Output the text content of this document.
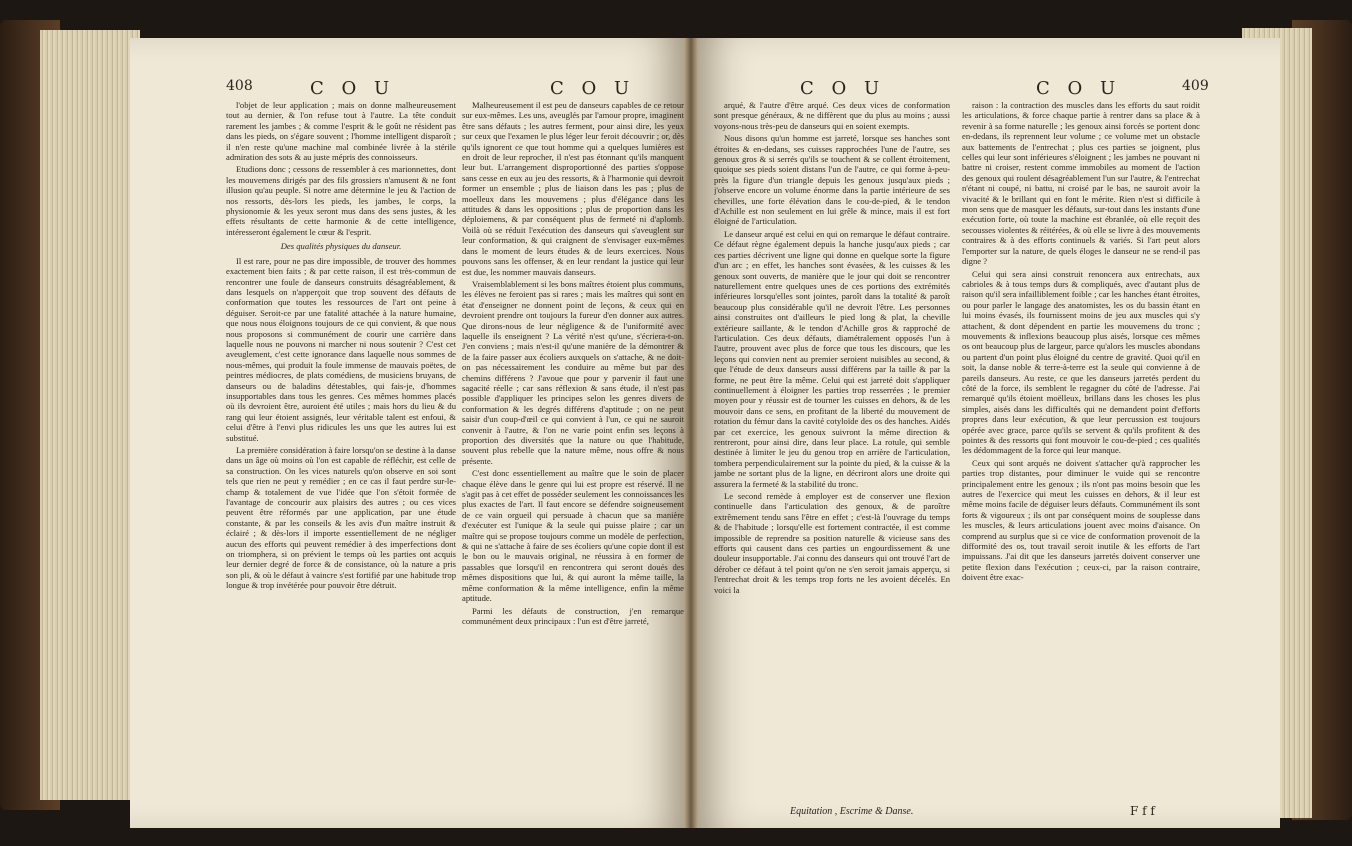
408	C O U	C O U

l'objet de leur application ; mais on donne malheureusement tout au dernier, & l'on refuse tout à l'autre. La tête conduit rarement les jambes ; & comme l'esprit & le goût ne résident pas dans les pieds, on s'égare souvent ; l'homme intelligent disparoît ; il n'en reste qu'une machine mal combinée livrée à la stérile admiration des sots & au juste mépris des connoisseurs.

Etudions donc ; cessons de ressembler à ces marionnettes, dont les mouvemens dirigés par des fils grossiers n'amusent & ne font illusion qu'au peuple. Si notre ame détermine le jeu & l'action de nos ressorts, dès-lors les pieds, les jambes, le corps, la physionomie & les yeux seront mus dans des sens justes, & les effets résultants de cette harmonie & de cette intelligence, intéresseront également le cœur & l'esprit.

Des qualités physiques du danseur.

Il est rare, pour ne pas dire impossible, de trouver des hommes exactement bien faits ; & par cette raison, il est très-commun de rencontrer une foule de danseurs construits désagréablement, & dans lesquels on n'apperçoit que trop souvent des défauts de conformation que toutes les ressources de l'art ont peine à déguiser. Seroit-ce par une fatalité attachée à la nature humaine, que nous nous éloignons toujours de ce qui convient, & que nous nous proposons si communément de courir une carrière dans laquelle nous ne pouvons ni marcher ni nous soutenir ? C'est cet aveuglement, c'est cette ignorance dans laquelle nous sommes de nous-mêmes, qui produit la foule immense de mauvais poëtes, de peintres médiocres, de plats comédiens, de musiciens bruyans, de danseurs ou de baladins détestables, qui fais-je, d'hommes insupportables dans tous les genres. Ces mêmes hommes placés où ils devroient être, auroient été utiles ; mais hors du lieu & du rang qui leur étoient assignés, leur véritable talent est enfoui, & celui d'être à l'envi plus ridicules les uns que les autres lui est substitué.

La première considération à faire lorsqu'on se destine à la danse dans un âge où moins où l'on est capable de réfléchir, est celle de sa construction. On les vices naturels qu'on observe en soi sont tels que rien ne peut y remédier ; en ce cas il faut perdre sur-le-champ & totalement de vue l'idée que l'on s'étoit formée de l'avantage de concourir aux plaisirs des autres ; ou ces vices peuvent être réformés par une application, par une étude constante, & par les conseils & les avis d'un maître instruit & éclairé ; & dès-lors il importe essentiellement de ne négliger aucun des efforts qui peuvent remédier à des imperfections dont on triomphera, si on prévient le temps où les parties ont acquis leur dernier degré de force & de consistance, où la nature a pris son pli, & où le défaut à vaincre s'est fortifié par une habitude trop longue & trop invétérée pour pouvoir être détruit.

Malheureusement il est peu de danseurs capables de ce retour sur eux-mêmes. Les uns, aveuglés par l'amour propre, imaginent être sans défauts ; les autres ferment, pour ainsi dire, les yeux sur ceux que l'examen le plus léger leur feroit découvrir ; or, dès qu'ils ignorent ce que tout homme qui a quelques lumières est en droit de leur reprocher, il n'est pas étonnant qu'ils manquent leur but. L'arrangement disproportionné des parties s'oppose sans cesse en eux au jeu des ressorts, & à l'harmonie qui devroit former un ensemble ; plus de liaison dans les pas ; plus de moelleux dans les mouvemens ; plus d'élégance dans les attitudes & dans les oppositions ; plus de proportion dans les déploiemens, & par conséquent plus de fermeté ni d'aplomb. Voilà où se réduit l'exécution des danseurs qui s'aveuglent sur leur conformation, & qui craignent de s'envisager eux-mêmes dans le moment de leurs études & de leurs exercices. Nous pouvons sans les offenser, & en leur rendant la justice qui leur est due, les nommer mauvais danseurs.

Vraisemblablement si les bons maîtres étoient plus communs, les élèves ne feroient pas si rares ; mais les maîtres qui sont en état d'enseigner ne donnent point de leçons, & ceux qui en devroient prendre ont toujours la fureur d'en donner aux autres. Que dirons-nous de leur négligence & de l'uniformité avec laquelle ils enseignent ? La vérité n'est qu'une, s'écriera-t-on. J'en conviens ; mais n'est-il qu'une manière de la démontrer & de la faire passer aux écoliers auxquels on s'attache, & ne doit-on pas nécessairement les conduire au même but par des chemins différens ? J'avoue que pour y parvenir il faut une sagacité réelle ; car sans réflexion & sans étude, il n'est pas possible d'appliquer les principes selon les genres divers de conformation & les degrés différens d'aptitude ; on ne peut saisir d'un coup-d'œil ce qui convient à l'un, ce qui ne sauroit convenir à l'autre, & l'on ne varie point enfin ses leçons à proportion des diversités que la nature ou que l'habitude, souvent plus rebelle que la nature même, nous offre & nous présente.

C'est donc essentiellement au maître que le soin de placer chaque élève dans le genre qui lui est propre est réservé. Il ne s'agit pas à cet effet de posséder seulement les connoissances les plus exactes de l'art. Il faut encore se défendre soigneusement de ce vain orgueil qui persuade à chacun que sa manière d'exécuter est l'unique & la seule qui puisse plaire ; car un maître qui se propose toujours comme un modèle de perfection, & qui ne s'attache à faire de ses écoliers qu'une copie dont il est le bon ou le mauvais original, ne réussira à en former de passables que lorsqu'il en rencontrera qui seront doués des mêmes dispositions que lui, & qui auront la même taille, la même conformation & la même intelligence, enfin la même aptitude.

Parmi les défauts de construction, j'en remarque communément deux principaux : l'un est d'être jarreté,

C O U	C O U	409

arqué, & l'autre d'être arqué. Ces deux vices de conformation sont presque généraux, & ne diffèrent que du plus au moins ; aussi voyons-nous très-peu de danseurs qui en soient exempts.

Nous disons qu'un homme est jarreté, lorsque ses hanches sont étroites & en-dedans, ses cuisses rapprochées l'une de l'autre, ses genoux gros & si serrés qu'ils se touchent & se collent étroitement, quoique ses pieds soient distans l'un de l'autre, ce qui forme à-peu-près la figure d'un triangle depuis les genoux jusqu'aux pieds ; j'observe encore un volume énorme dans la partie intérieure de ses chevilles, une forte élévation dans le cou-de-pied, & le tendon d'Achille est non seulement en lui grêle & mince, mais il est fort éloigné de l'articulation.

Le danseur arqué est celui en qui on remarque le défaut contraire. Ce défaut règne également depuis la hanche jusqu'aux pieds ; car ces parties décrivent une ligne qui donne en quelque sorte la figure d'un arc ; en effet, les hanches sont évasées, & les cuisses & les genoux sont ouverts, de manière que le jour qui doit se rencontrer naturellement entre quelques unes de ces portions des extrémités inférieures lorsqu'elles sont jointes, paroît dans la totalité & paroît beaucoup plus considérable qu'il ne devroit l'être. Les personnes ainsi construites ont d'ailleurs le pied long & plat, la cheville extérieure saillante, & le tendon d'Achille gros & rapproché de l'articulation. Ces deux défauts, diamétralement opposés l'un à l'autre, prouvent avec plus de force que tous les discours, que les leçons qui convien nent au premier seroient nuisibles au second, & que l'étude de deux danseurs aussi différens par la taille & par la forme, ne peut être la même. Celui qui est jarreté doit s'appliquer continuellement à éloigner les parties trop resserrées ; le premier moyen pour y réussir est de tourner les cuisses en dehors, & de les mouvoir dans ce sens, en profitant de la liberté du mouvement de rotation du fémur dans la cavité cotyloïde des os des hanches. Aidés par cet exercice, les genoux suivront la même direction & rentreront, pour ainsi dire, dans leur place. La rotule, qui semble destinée à limiter le jeu du genou trop en arrière de l'articulation, tombera perpendiculairement sur la pointe du pied, & la cuisse & la jambe ne sortant plus de la ligne, en décriront alors une droite qui assurera la fermeté & la stabilité du tronc.

Le second remède à employer est de conserver une flexion continuelle dans l'articulation des genoux, & de paroître extrêmement tendu sans l'être en effet ; c'est-là l'ouvrage du temps & de l'habitude ; lorsqu'elle est fortement contractée, il est comme impossible de reprendre sa position naturelle & vicieuse sans des efforts qui causent dans ces parties un engourdissement & une douleur insupportable. J'ai connu des danseurs qui ont trouvé l'art de dérober ce défaut à tel point qu'on ne s'en seroit jamais apperçu, si l'entrechat droit & les temps trop forts ne les avoient décelés. En voici la

raison : la contraction des muscles dans les efforts du saut roidit les articulations, & force chaque partie à rentrer dans sa place & à revenir à sa forme naturelle ; les genoux ainsi forcés se portent donc en-dedans, ils reprennent leur volume ; ce volume met un obstacle aux battements de l'entrechat ; plus ces parties se joignent, plus celles qui leur sont inférieures s'éloignent ; les jambes ne pouvant ni battre ni croiser, restent comme immobiles au moment de l'action des genoux qui roulent désagréablement l'un sur l'autre, & l'entrechat n'étant ni coupé, ni battu, ni croisé par le bas, ne sauroit avoir la vivacité & le brillant qui en font le mérite. Rien n'est si difficile à mon sens que de masquer les défauts, sur-tout dans les instants d'une exécution forte, où toute la machine est ébranlée, où elle reçoit des secousses violentes & réitérées, & où elle se livre à des mouvements contraires & à des efforts continuels & variés. Si l'art peut alors l'emporter sur la nature, de quels éloges le danseur ne se rend-il pas digne ?

Celui qui sera ainsi construit renoncera aux entrechats, aux cabrioles & à tous temps durs & compliqués, avec d'autant plus de raison qu'il sera infailliblement foible ; car les hanches étant étroites, ou pour parler le langage des anatomistes, les os du bassin étant en lui moins évasés, ils fournissent moins de jeu aux muscles qui s'y attachent, & dont dépendent en partie les mouvemens du tronc ; mouvements & inflexions beaucoup plus aisés, lorsque ces mêmes os ont beaucoup plus de largeur, parce qu'alors les muscles abondans ou partent d'un point plus éloigné du centre de gravité. Quoi qu'il en soit, la danse noble & terre-à-terre est la seule qui convienne à de pareils danseurs. Au reste, ce que les danseurs jarretés perdent du côté de la force, ils semblent le regagner du côté de l'adresse. J'ai remarqué qu'ils étoient moëlleux, brillans dans les choses les plus simples, aisés dans les difficultés qui ne demandent point d'efforts propres dans leur exécution, & que leur percussion est toujours opérée avec grace, parce qu'ils se servent & qu'ils profitent & des pointes & des ressorts qui font mouvoir le cou-de-pied ; ces qualités les dédommagent de la force qui leur manque.

Ceux qui sont arqués ne doivent s'attacher qu'à rapprocher les parties trop distantes, pour diminuer le vuide qui se rencontre principalement entre les genoux ; ils n'ont pas moins besoin que les autres de l'exercice qui meut les cuisses en dehors, & il leur est même moins facile de déguiser leurs défauts. Communément ils sont forts & vigoureux ; ils ont par conséquent moins de souplesse dans les muscles, & leurs articulations jouent avec moins d'aisance. On comprend au surplus que si ce vice de conformation provenoit de la difformité des os, tout travail seroit inutile & les efforts de l'art impuissans. J'ai dit que les danseurs jarretés doivent conserver une petite flexion dans l'exécution ; ceux-ci, par la raison contraire, doivent être exac-

Equitation , Escrime & Danse.	F f f
